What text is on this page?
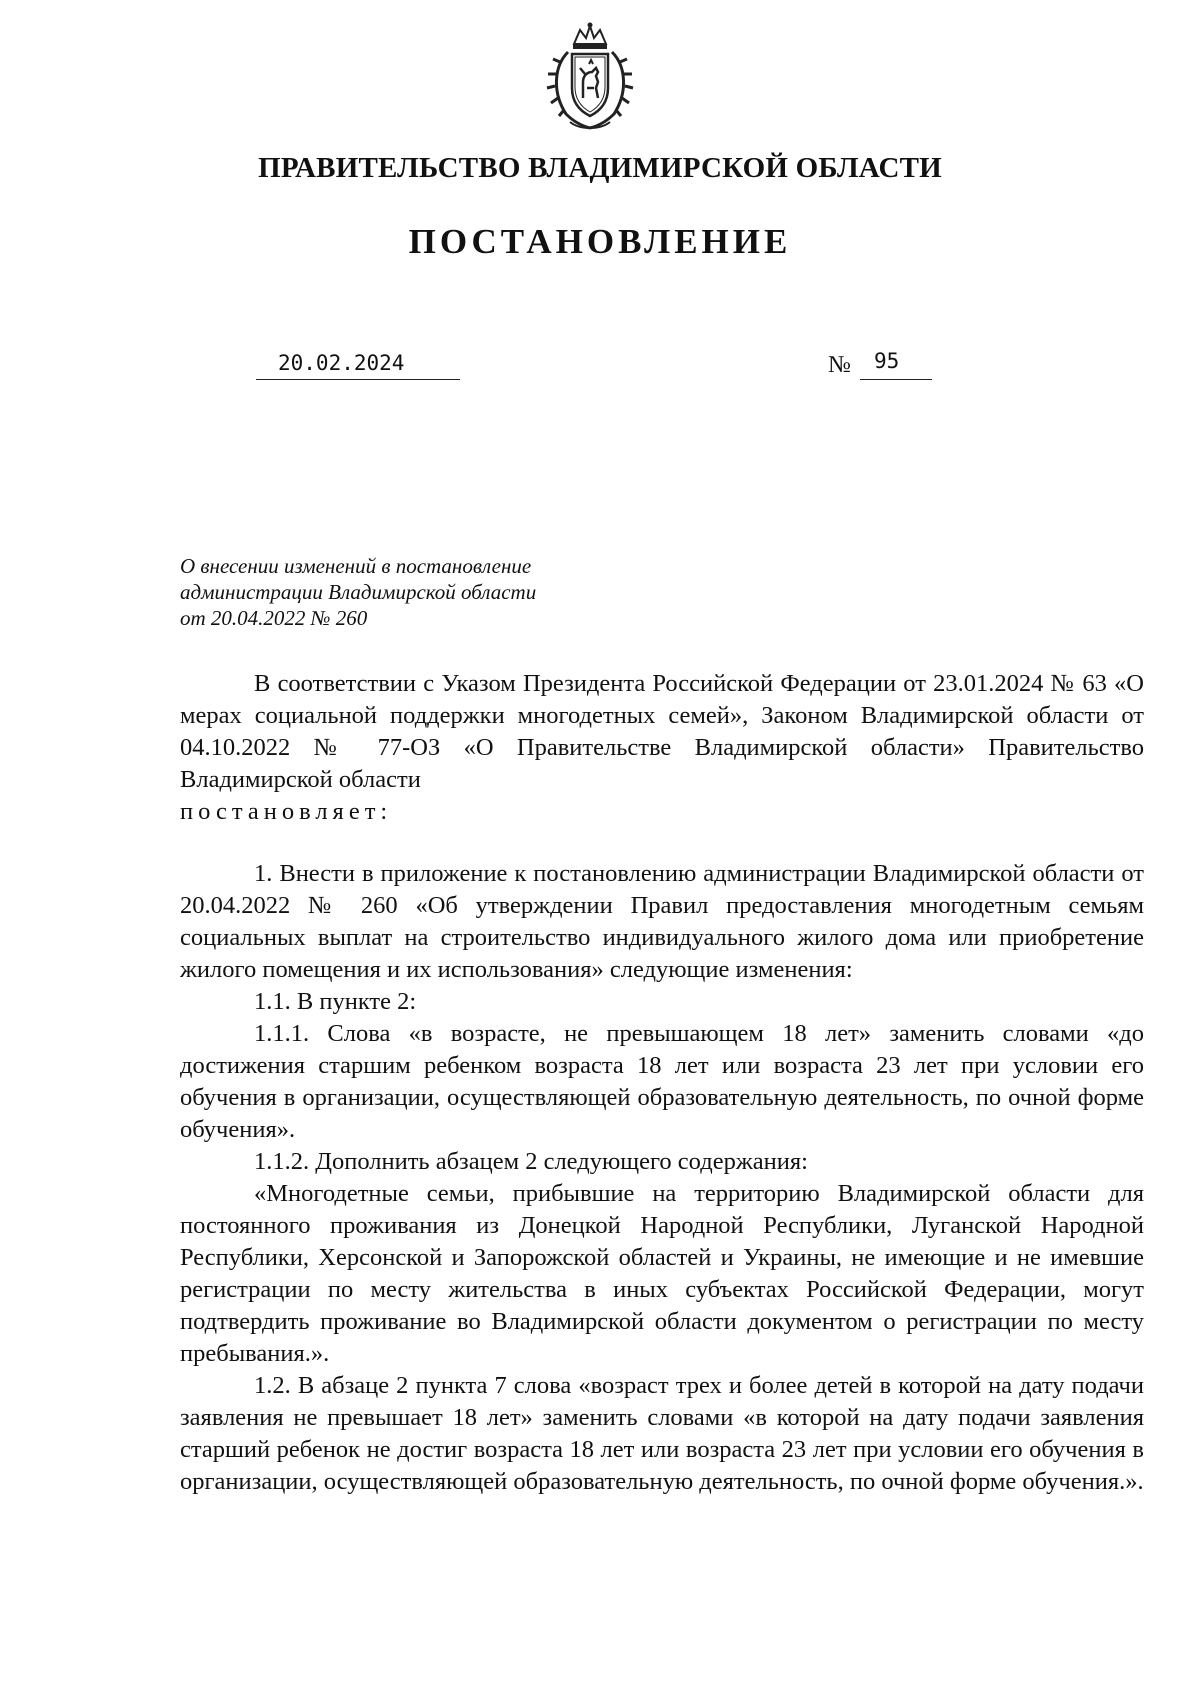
ПРАВИТЕЛЬСТВО ВЛАДИМИРСКОЙ ОБЛАСТИ
ПОСТАНОВЛЕНИЕ
20.02.2024	№	95
О внесении изменений в постановление
администрации Владимирской области
от 20.04.2022 № 260

В соответствии с Указом Президента Российской Федерации от 23.01.2024 № 63 «О мерах социальной поддержки многодетных семей», Законом Владимирской области от 04.10.2022 № 77-ОЗ «О Правительстве Владимирской области» Правительство Владимирской области

постановляет:

1. Внести в приложение к постановлению администрации Владимирской области от 20.04.2022 № 260 «Об утверждении Правил предоставления многодетным семьям социальных выплат на строительство индивидуального жилого дома или приобретение жилого помещения и их использования» следующие изменения:

1.1. В пункте 2:

1.1.1. Слова «в возрасте, не превышающем 18 лет» заменить словами «до достижения старшим ребенком возраста 18 лет или возраста 23 лет при условии его обучения в организации, осуществляющей образовательную деятельность, по очной форме обучения».

1.1.2. Дополнить абзацем 2 следующего содержания:

«Многодетные семьи, прибывшие на территорию Владимирской области для постоянного проживания из Донецкой Народной Республики, Луганской Народной Республики, Херсонской и Запорожской областей и Украины, не имеющие и не имевшие регистрации по месту жительства в иных субъектах Российской Федерации, могут подтвердить проживание во Владимирской области документом о регистрации по месту пребывания.».

1.2. В абзаце 2 пункта 7 слова «возраст трех и более детей в которой на дату подачи заявления не превышает 18 лет» заменить словами «в которой на дату подачи заявления старший ребенок не достиг возраста 18 лет или возраста 23 лет при условии его обучения в организации, осуществляющей образовательную деятельность, по очной форме обучения.».
